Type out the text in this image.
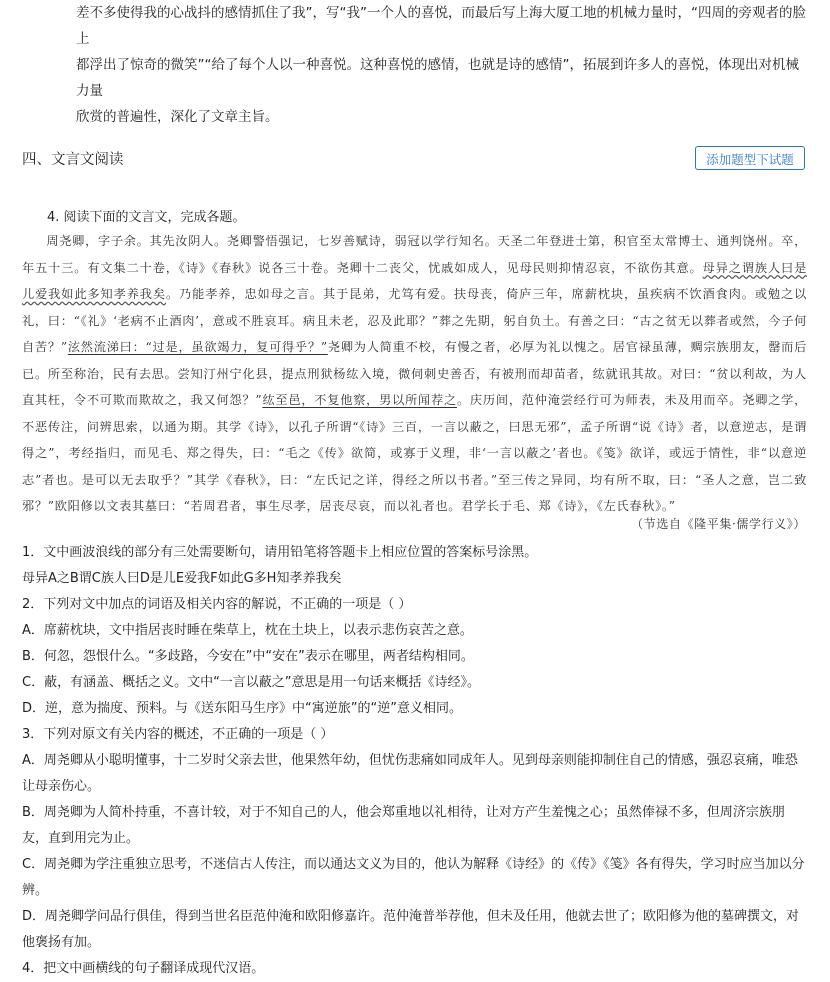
差不多使得我的心战抖的感情抓住了我”，写“我”一个人的喜悦，而最后写上海大厦工地的机械力量时，“四周的旁观者的脸上

都浮出了惊奇的微笑”“给了每个人以一种喜悦。这种喜悦的感情，也就是诗的感情”，拓展到许多人的喜悦，体现出对机械力量

欣赏的普遍性，深化了文章主旨。

四、文言文阅读	添加题型下试题
4. 阅读下面的文言文，完成各题。

周尧卿，字子余。其先汝阴人。尧卿警悟强记，七岁善赋诗，弱冠以学行知名。天圣二年登进士第，积官至太常博士、通判饶州。卒，年五十三。有文集二十卷，《诗》《春秋》说各三十卷。尧卿十二丧父，忧戚如成人，见母民则抑情忍哀，不欲伤其意。母异之谓族人曰是儿爱我如此多知孝养我矣。乃能孝养，忠如母之言。其于昆弟，尤笃有爱。扶母丧，倚庐三年，席薪枕块，虽疾病不饮酒食肉。或勉之以礼，曰：“《礼》‘老病不止酒肉’，意或不胜哀耳。病且未老，忍及此耶？”葬之先期，躬自负土。有善之曰：“古之贫无以葬者或然，今子何自苦？”泫然流涕曰：“过是，虽欲竭力，复可得乎？”尧卿为人简重不校，有慢之者，必厚为礼以愧之。居官禄虽薄，赒宗族朋友，罄而后已。所至称治，民有去思。尝知汀州宁化县，提点刑狱杨纮入境，微伺刺史善否，有被刑而却苗者，纮就讯其故。对曰：“贫以利故，为人直其枉，令不可欺而欺故之，我又何怨？”纮至邑，不复他察，男以所闻荐之。庆历间，范仲淹尝经行可为师表，未及用而卒。尧卿之学，不恶传注，问辨思索，以通为期。其学《诗》，以孔子所谓“《诗》三百，一言以蔽之，曰思无邪”，孟子所谓“说《诗》者，以意逆志，是谓得之”，考经指归，而见毛、郑之得失，曰：“毛之《传》欲简，或寡于义理，非‘一言以蔽之’者也。《笺》欲详，或远于情性，非“以意逆志”者也。是可以无去取乎？”其学《春秋》，曰：“左氏记之详，得经之所以书者。”至三传之异同，均有所不取，曰：“圣人之意，岂二致邪？”欧阳修以文表其墓曰：“若周君者，事生尽孝，居丧尽哀，而以礼者也。君学长于毛、郑《诗》，《左氏春秋》。”

（节选自《隆平集·儒学行义》）

1．文中画波浪线的部分有三处需要断句，请用铅笔将答题卡上相应位置的答案标号涂黑。

母异A之B谓C族人曰D是儿E爱我F如此G多H知孝养我矣

2．下列对文中加点的词语及相关内容的解说，不正确的一项是（ ）

A．席薪枕块，文中指居丧时睡在柴草上，枕在土块上，以表示悲伤哀苦之意。

B．何忽，怨恨什么。“多歧路，今安在”中“安在”表示在哪里，两者结构相同。

C．蔽，有涵盖、概括之义。文中“一言以蔽之”意思是用一句话来概括《诗经》。

D．逆，意为揣度、预料。与《送东阳马生序》中“寓逆旅”的“逆”意义相同。

3．下列对原文有关内容的概述，不正确的一项是（ ）

A．周尧卿从小聪明懂事，十二岁时父亲去世，他果然年幼，但忧伤悲痛如同成年人。见到母亲则能抑制住自己的情感，强忍哀痛，唯恐让母亲伤心。

B．周尧卿为人简朴持重，不喜计较，对于不知自己的人，他会郑重地以礼相待，让对方产生羞愧之心；虽然俸禄不多，但周济宗族朋友，直到用完为止。

C．周尧卿为学注重独立思考，不迷信古人传注，而以通达文义为目的，他认为解释《诗经》的《传》《笺》各有得失，学习时应当加以分辨。

D．周尧卿学问品行俱佳，得到当世名臣范仲淹和欧阳修嘉许。范仲淹普举荐他，但未及任用，他就去世了；欧阳修为他的墓碑撰文，对他褒扬有加。

4．把文中画横线的句子翻译成现代汉语。
